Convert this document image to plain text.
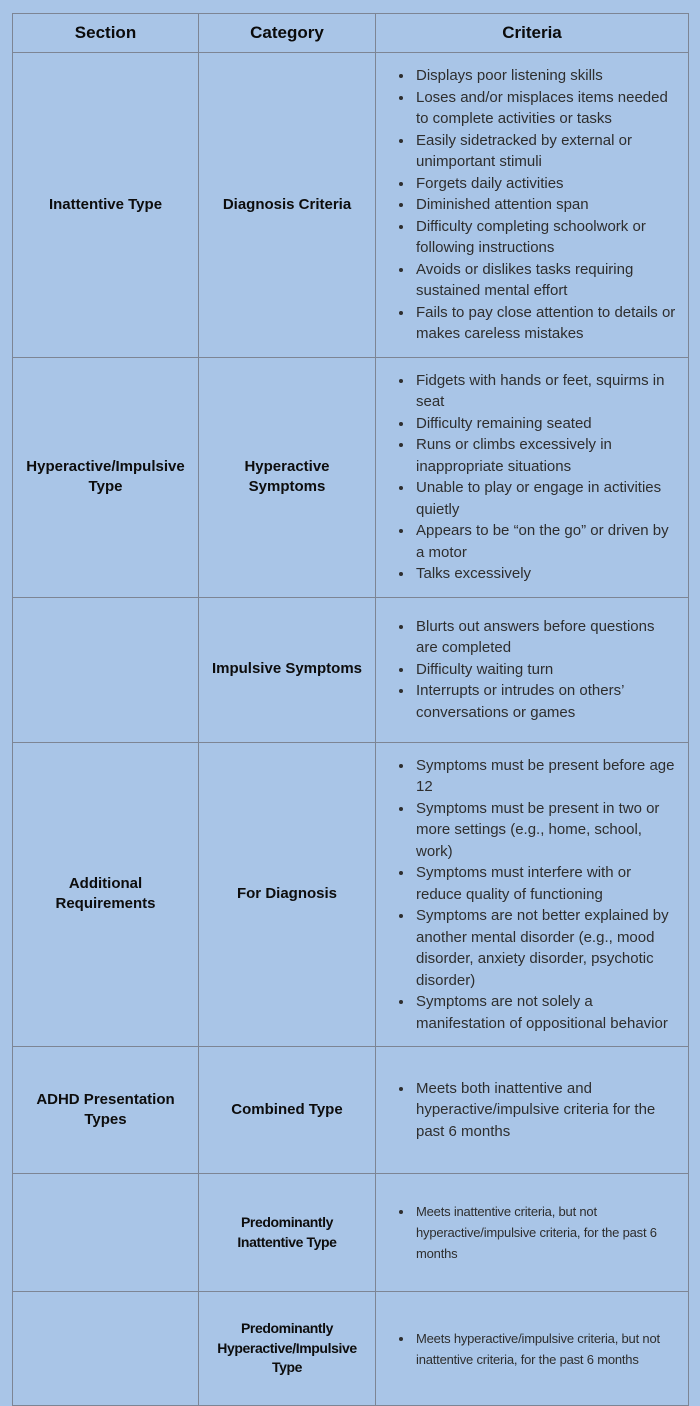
Section	Category	Criteria
Inattentive Type	Diagnosis Criteria	
• Displays poor listening skills
• Loses and/or misplaces items needed to complete activities or tasks
• Easily sidetracked by external or unimportant stimuli
• Forgets daily activities
• Diminished attention span
• Difficulty completing schoolwork or following instructions
• Avoids or dislikes tasks requiring sustained mental effort
• Fails to pay close attention to details or makes careless mistakes

Hyperactive/Impulsive Type	Hyperactive Symptoms	
• Fidgets with hands or feet, squirms in seat
• Difficulty remaining seated
• Runs or climbs excessively in inappropriate situations
• Unable to play or engage in activities quietly
• Appears to be “on the go” or driven by a motor
• Talks excessively

	Impulsive Symptoms	
• Blurts out answers before questions are completed
• Difficulty waiting turn
• Interrupts or intrudes on others’ conversations or games

Additional Requirements	For Diagnosis	
• Symptoms must be present before age 12
• Symptoms must be present in two or more settings (e.g., home, school, work)
• Symptoms must interfere with or reduce quality of functioning
• Symptoms are not better explained by another mental disorder (e.g., mood disorder, anxiety disorder, psychotic disorder)
• Symptoms are not solely a manifestation of oppositional behavior

ADHD Presentation Types	Combined Type	
• Meets both inattentive and hyperactive/impulsive criteria for the past 6 months

	Predominantly Inattentive Type	
• Meets inattentive criteria, but not hyperactive/impulsive criteria, for the past 6 months

	Predominantly Hyperactive/Impulsive Type	
• Meets hyperactive/impulsive criteria, but not inattentive criteria, for the past 6 months
